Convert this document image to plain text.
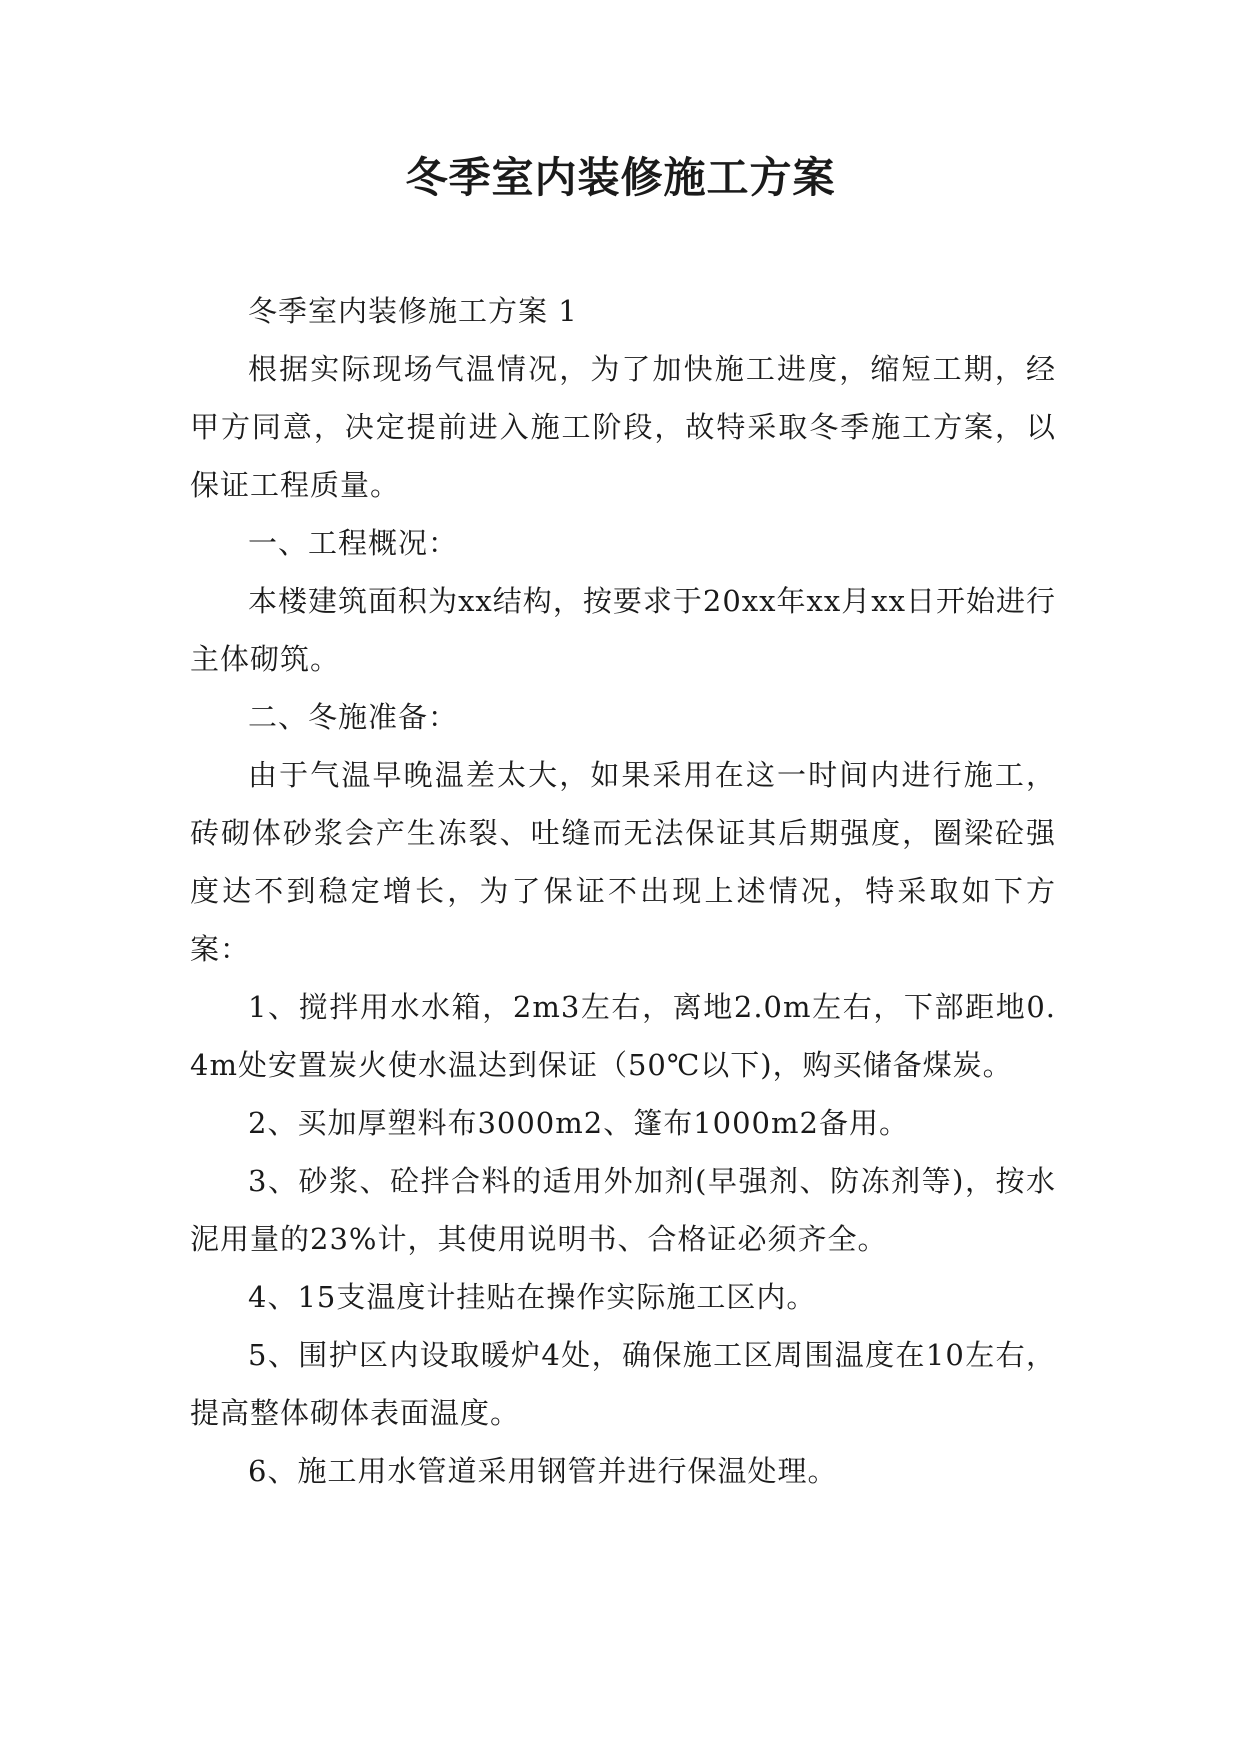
冬季室内装修施工方案

冬季室内装修施工方案 1

根据实际现场气温情况，为了加快施工进度，缩短工期，经甲方同意，决定提前进入施工阶段，故特采取冬季施工方案，以保证工程质量。

一、工程概况：

本楼建筑面积为xx结构，按要求于20xx年xx月xx日开始进行主体砌筑。

二、冬施准备：

由于气温早晚温差太大，如果采用在这一时间内进行施工，砖砌体砂浆会产生冻裂、吐缝而无法保证其后期强度，圈梁砼强度达不到稳定增长，为了保证不出现上述情况，特采取如下方案：

1、搅拌用水水箱，2m3左右，离地2.0m左右，下部距地0.4m处安置炭火使水温达到保证（50℃以下)，购买储备煤炭。

2、买加厚塑料布3000m2、篷布1000m2备用。

3、砂浆、砼拌合料的适用外加剂(早强剂、防冻剂等)，按水泥用量的23%计，其使用说明书、合格证必须齐全。

4、15支温度计挂贴在操作实际施工区内。

5、围护区内设取暖炉4处，确保施工区周围温度在10左右，提高整体砌体表面温度。

6、施工用水管道采用钢管并进行保温处理。
